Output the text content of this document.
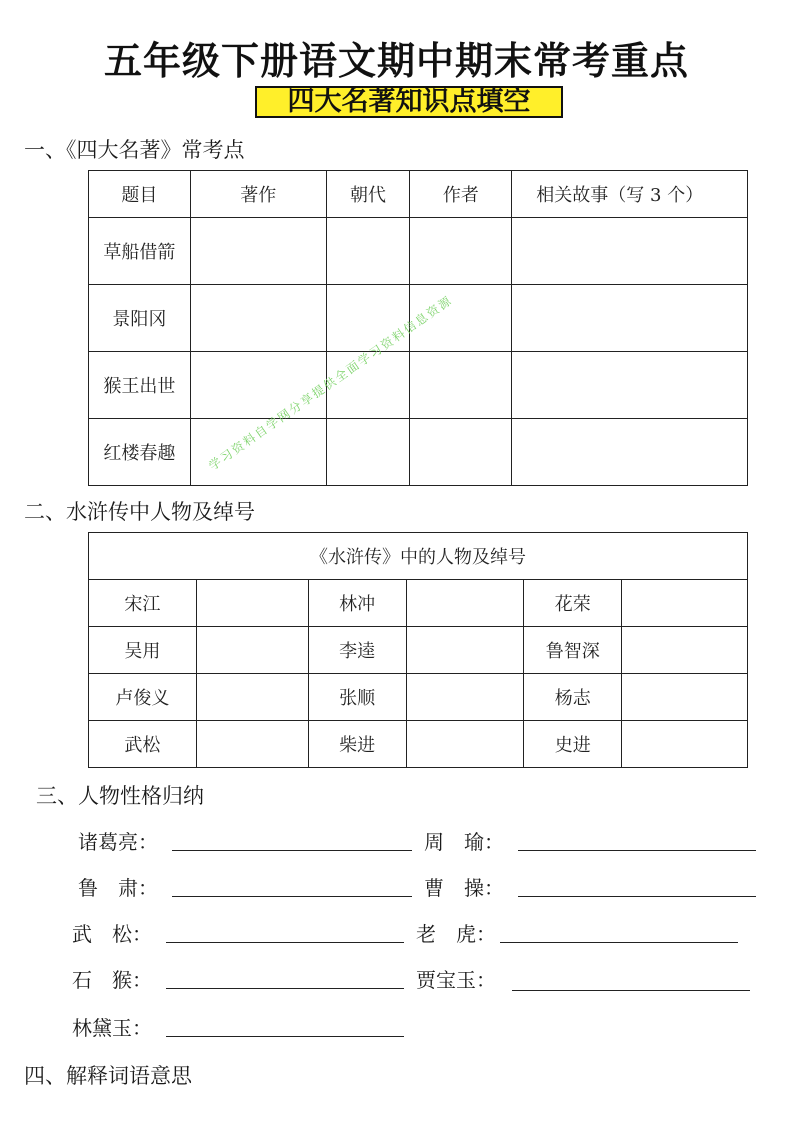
五年级下册语文期中期末常考重点
四大名著知识点填空
一、《四大名著》常考点
题目	著作	朝代	作者	相关故事（写 3 个）
草船借箭				
景阳冈				
猴王出世				
红楼春趣					学习资料自学网分享提供全面学习资料信息资源
二、水浒传中人物及绰号
《水浒传》中的人物及绰号					
宋江		林冲		花荣	
吴用		李逵		鲁智深	
卢俊义		张顺		杨志	
武松		柴进		史进	
三、人物性格归纳
诸葛亮：	周　瑜：
鲁　肃：	曹　操：
武　松：	老　虎：
石　猴：	贾宝玉：
林黛玉：
四、解释词语意思
